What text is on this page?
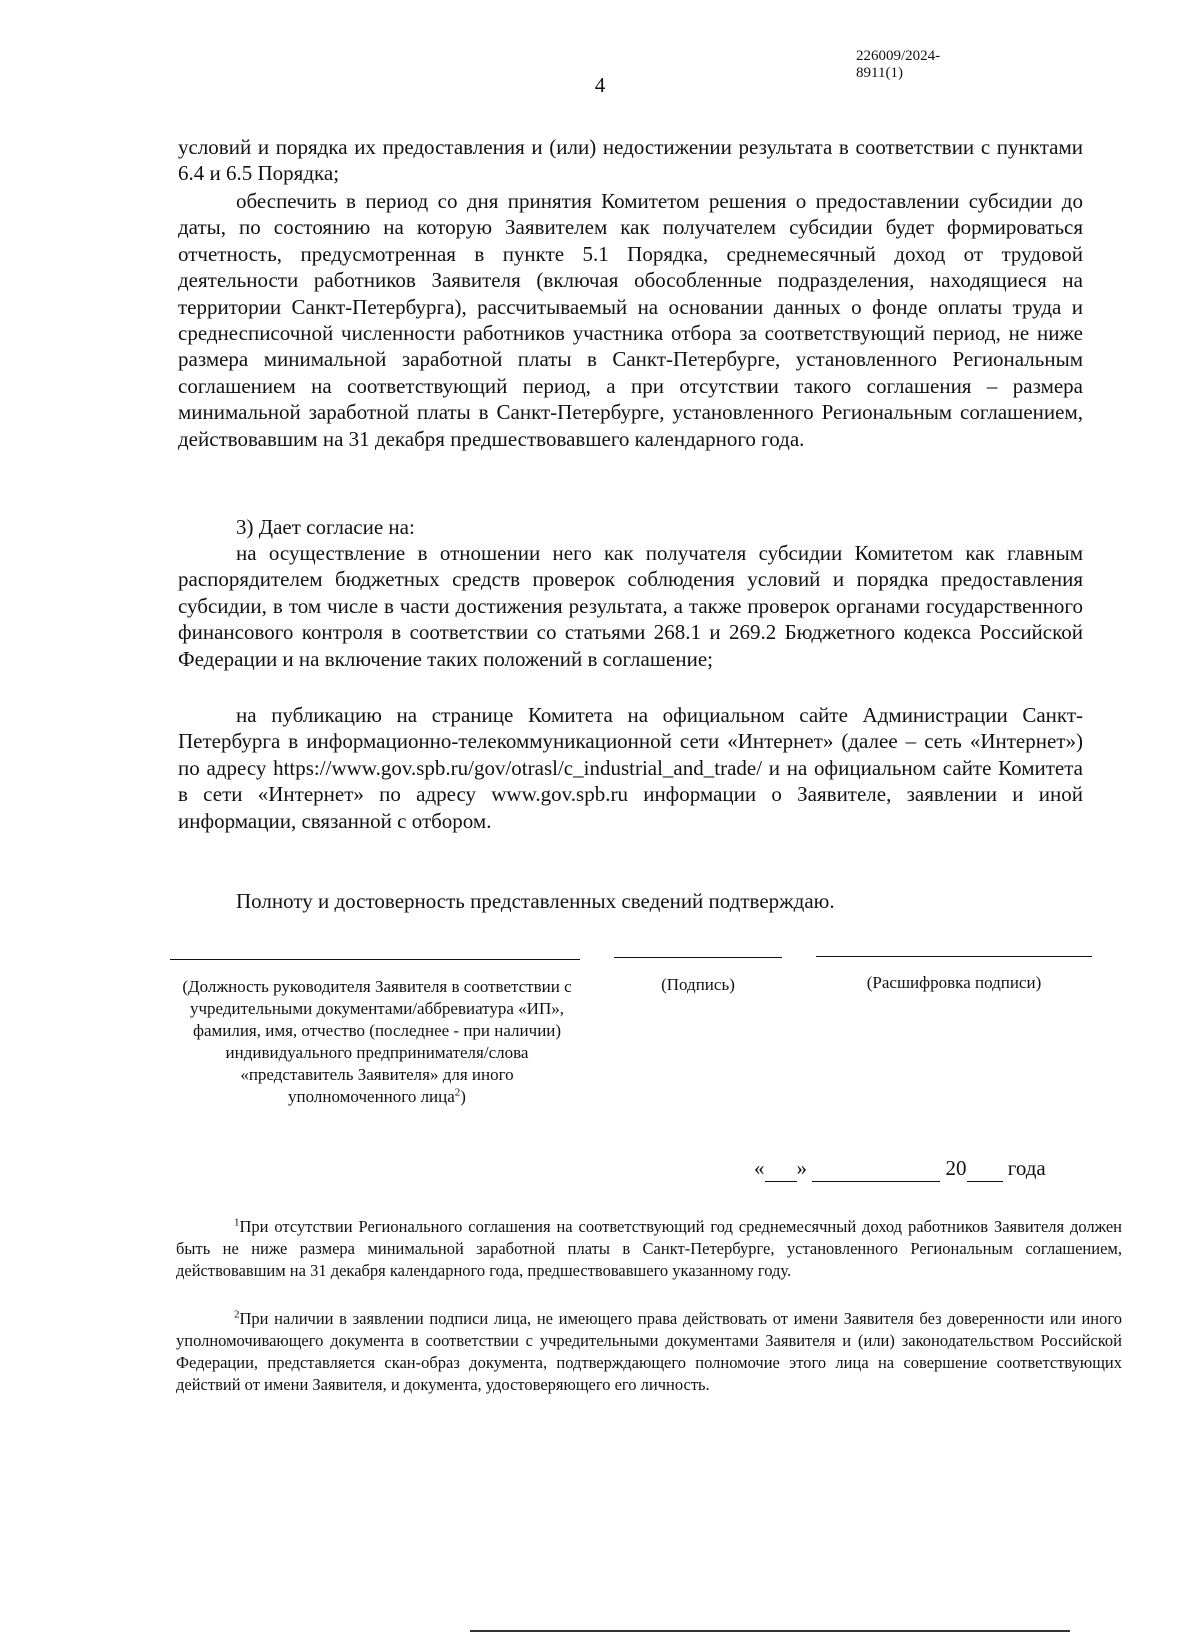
226009/2024-8911(1)
4
условий и порядка их предоставления и (или) недостижении результата в соответствии с пунктами 6.4 и 6.5 Порядка;
обеспечить в период со дня принятия Комитетом решения о предоставлении субсидии до даты, по состоянию на которую Заявителем как получателем субсидии будет формироваться отчетность, предусмотренная в пункте 5.1 Порядка, среднемесячный доход от трудовой деятельности работников Заявителя (включая обособленные подразделения, находящиеся на территории Санкт-Петербурга), рассчитываемый на основании данных о фонде оплаты труда и среднесписочной численности работников участника отбора за соответствующий период, не ниже размера минимальной заработной платы в Санкт-Петербурге, установленного Региональным соглашением на соответствующий период, а при отсутствии такого соглашения – размера минимальной заработной платы в Санкт-Петербурге, установленного Региональным соглашением, действовавшим на 31 декабря предшествовавшего календарного года.
3) Дает согласие на:
на осуществление в отношении него как получателя субсидии Комитетом как главным распорядителем бюджетных средств проверок соблюдения условий и порядка предоставления субсидии, в том числе в части достижения результата, а также проверок органами государственного финансового контроля в соответствии со статьями 268.1 и 269.2 Бюджетного кодекса Российской Федерации и на включение таких положений в соглашение;
на публикацию на странице Комитета на официальном сайте Администрации Санкт-Петербурга в информационно-телекоммуникационной сети «Интернет» (далее – сеть «Интернет») по адресу https://www.gov.spb.ru/gov/otrasl/c_industrial_and_trade/ и на официальном сайте Комитета в сети «Интернет» по адресу www.gov.spb.ru информации о Заявителе, заявлении и иной информации, связанной с отбором.
Полноту и достоверность представленных сведений подтверждаю.
(Должность руководителя Заявителя в соответствии с учредительными документами/аббревиатура «ИП», фамилия, имя, отчество (последнее - при наличии) индивидуального предпринимателя/слова «представитель Заявителя» для иного уполномоченного лица$^2$)
(Подпись)	(Расшифровка подписи)
« »	20 года
$^1$При отсутствии Регионального соглашения на соответствующий год среднемесячный доход работников Заявителя должен быть не ниже размера минимальной заработной платы в Санкт-Петербурге, установленного Региональным соглашением, действовавшим на 31 декабря календарного года, предшествовавшего указанному году.
$^2$При наличии в заявлении подписи лица, не имеющего права действовать от имени Заявителя без доверенности или иного уполномочивающего документа в соответствии с учредительными документами Заявителя и (или) законодательством Российской Федерации, представляется скан-образ документа, подтверждающего полномочие этого лица на совершение соответствующих действий от имени Заявителя, и документа, удостоверяющего его личность.
